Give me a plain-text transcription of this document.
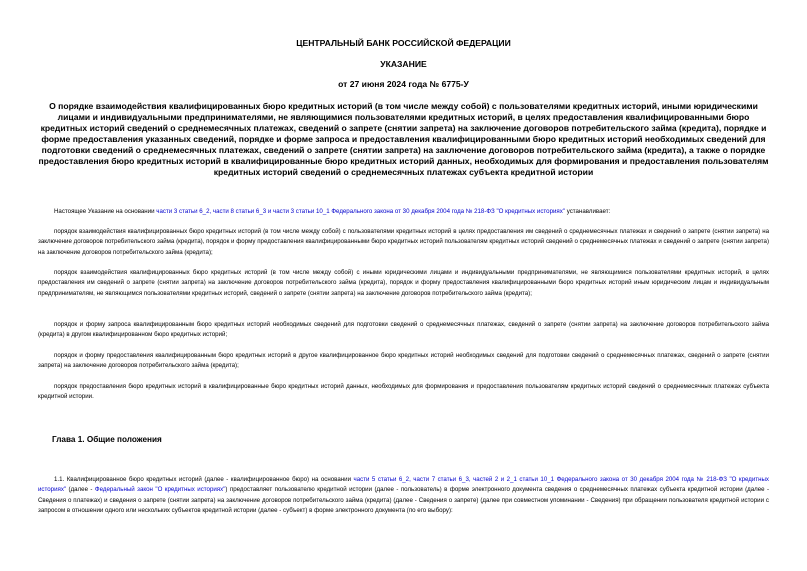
ЦЕНТРАЛЬНЫЙ БАНК РОССИЙСКОЙ ФЕДЕРАЦИИ
УКАЗАНИЕ
от 27 июня 2024 года № 6775-У
О порядке взаимодействия квалифицированных бюро кредитных историй (в том числе между собой) с пользователями кредитных историй, иными юридическими лицами и индивидуальными предпринимателями, не являющимися пользователями кредитных историй, в целях предоставления квалифицированными бюро кредитных историй сведений о среднемесячных платежах, сведений о запрете (снятии запрета) на заключение договоров потребительского займа (кредита), порядке и форме предоставления указанных сведений, порядке и форме запроса и предоставления квалифицированными бюро кредитных историй необходимых сведений для подготовки сведений о среднемесячных платежах, сведений о запрете (снятии запрета) на заключение договоров потребительского займа (кредита), а также о порядке предоставления бюро кредитных историй в квалифицированные бюро кредитных историй данных, необходимых для формирования и предоставления пользователям кредитных историй сведений о среднемесячных платежах субъекта кредитной истории
Настоящее Указание на основании части 3 статьи 6_2, части 8 статьи 6_3 и части 3 статьи 10_1 Федерального закона от 30 декабря 2004 года № 218-ФЗ "О кредитных историях" устанавливает:
порядок взаимодействия квалифицированных бюро кредитных историй (в том числе между собой) с пользователями кредитных историй в целях предоставления им сведений о среднемесячных платежах и сведений о запрете (снятии запрета) на заключение договоров потребительского займа (кредита), порядок и форму предоставления квалифицированными бюро кредитных историй пользователям кредитных историй сведений о среднемесячных платежах и сведений о запрете (снятии запрета) на заключение договоров потребительского займа (кредита);
порядок взаимодействия квалифицированных бюро кредитных историй (в том числе между собой) с иными юридическими лицами и индивидуальными предпринимателями, не являющимися пользователями кредитных историй, в целях предоставления им сведений о запрете (снятии запрета) на заключение договоров потребительского займа (кредита), порядок и форму предоставления квалифицированными бюро кредитных историй иным юридическим лицам и индивидуальным предпринимателям, не являющимся пользователями кредитных историй, сведений о запрете (снятии запрета) на заключение договоров потребительского займа (кредита);
порядок и форму запроса квалифицированным бюро кредитных историй необходимых сведений для подготовки сведений о среднемесячных платежах, сведений о запрете (снятии запрета) на заключение договоров потребительского займа (кредита) в другом квалифицированном бюро кредитных историй;
порядок и форму предоставления квалифицированным бюро кредитных историй в другое квалифицированное бюро кредитных историй необходимых сведений для подготовки сведений о среднемесячных платежах, сведений о запрете (снятии запрета) на заключение договоров потребительского займа (кредита);
порядок предоставления бюро кредитных историй в квалифицированные бюро кредитных историй данных, необходимых для формирования и предоставления пользователям кредитных историй сведений о среднемесячных платежах субъекта кредитной истории.
Глава 1. Общие положения
1.1. Квалифицированное бюро кредитных историй (далее - квалифицированное бюро) на основании части 5 статьи 6_2, части 7 статьи 6_3, частей 2 и 2_1 статьи 10_1 Федерального закона от 30 декабря 2004 года № 218-ФЗ "О кредитных историях" (далее - Федеральный закон "О кредитных историях") предоставляет пользователю кредитной истории (далее - пользователь) в форме электронного документа сведения о среднемесячных платежах субъекта кредитной истории (далее - Сведения о платежах) и сведения о запрете (снятии запрета) на заключение договоров потребительского займа (кредита) (далее - Сведения о запрете) (далее при совместном упоминании - Сведения) при обращении пользователя кредитной истории с запросом в отношении одного или нескольких субъектов кредитной истории (далее - субъект) в форме электронного документа (по его выбору):
